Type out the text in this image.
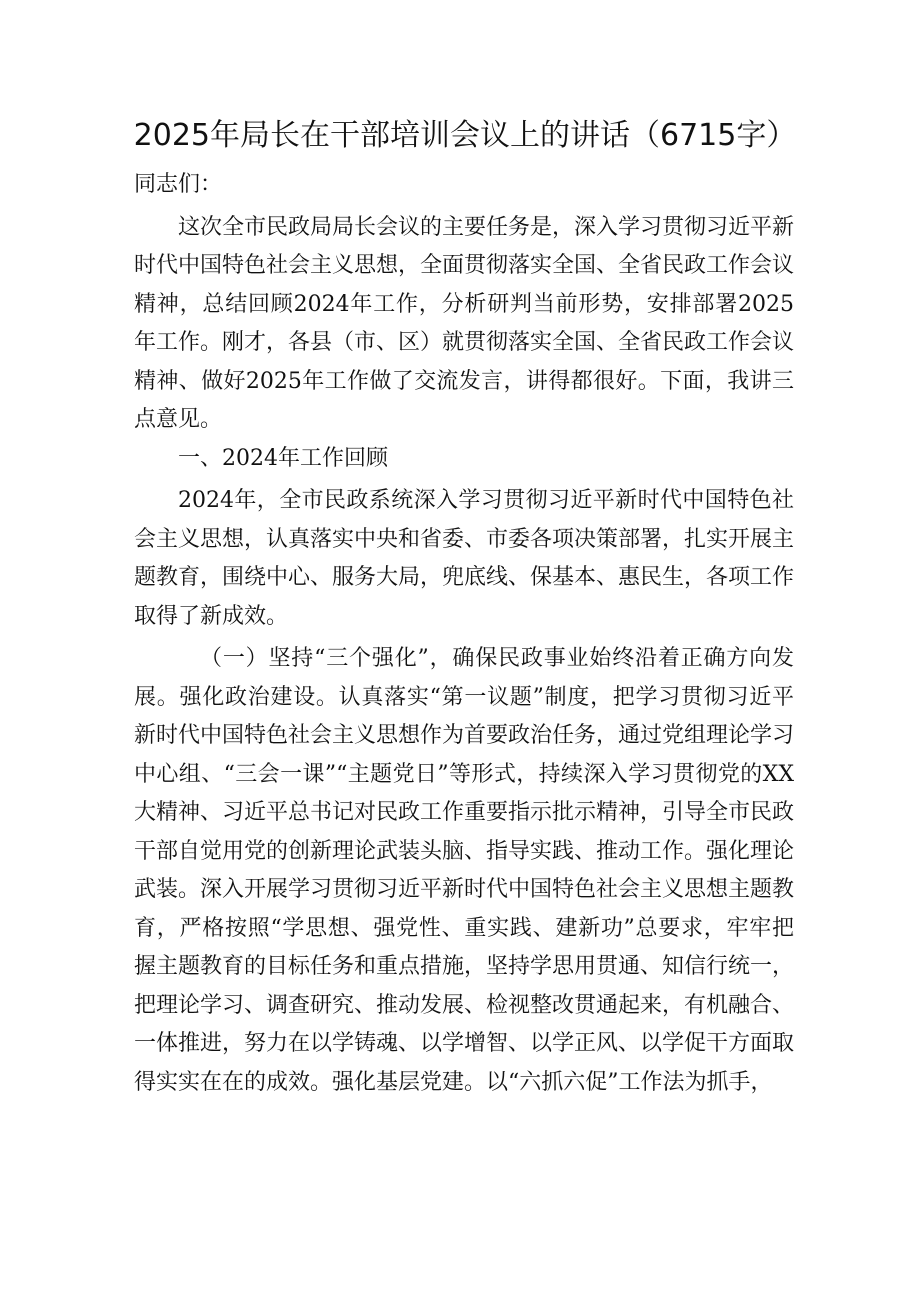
2025年局长在干部培训会议上的讲话（6715字）

同志们：

这次全市民政局局长会议的主要任务是，深入学习贯彻习近平新时代中国特色社会主义思想，全面贯彻落实全国、全省民政工作会议精神，总结回顾2024年工作，分析研判当前形势，安排部署2025年工作。刚才，各县（市、区）就贯彻落实全国、全省民政工作会议精神、做好2025年工作做了交流发言，讲得都很好。下面，我讲三点意见。

一、2024年工作回顾

2024年，全市民政系统深入学习贯彻习近平新时代中国特色社会主义思想，认真落实中央和省委、市委各项决策部署，扎实开展主题教育，围绕中心、服务大局，兜底线、保基本、惠民生，各项工作取得了新成效。

（一）坚持“三个强化”，确保民政事业始终沿着正确方向发展。强化政治建设。认真落实“第一议题”制度，把学习贯彻习近平新时代中国特色社会主义思想作为首要政治任务，通过党组理论学习中心组、“三会一课”“主题党日”等形式，持续深入学习贯彻党的XX大精神、习近平总书记对民政工作重要指示批示精神，引导全市民政干部自觉用党的创新理论武装头脑、指导实践、推动工作。强化理论武装。深入开展学习贯彻习近平新时代中国特色社会主义思想主题教育，严格按照“学思想、强党性、重实践、建新功”总要求，牢牢把握主题教育的目标任务和重点措施，坚持学思用贯通、知信行统一，把理论学习、调查研究、推动发展、检视整改贯通起来，有机融合、一体推进，努力在以学铸魂、以学增智、以学正风、以学促干方面取得实实在在的成效。强化基层党建。以“六抓六促”工作法为抓手，
